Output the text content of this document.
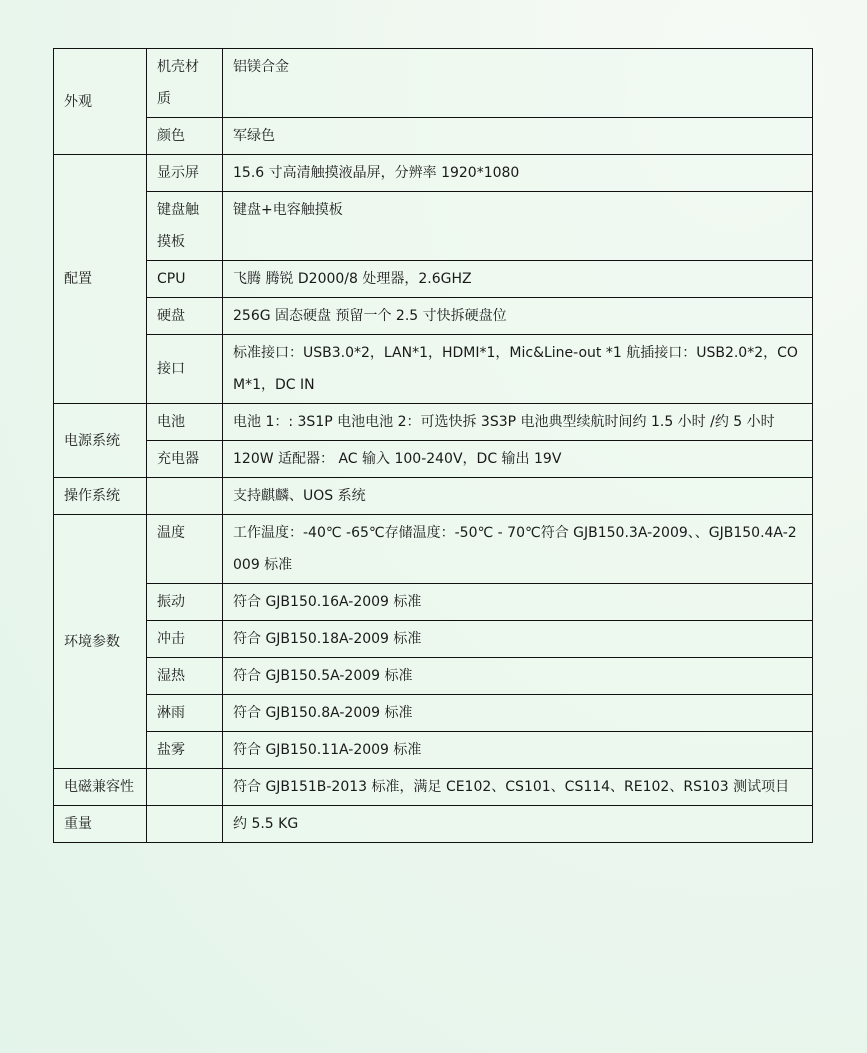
外观	机壳材质	铝镁合金
	颜色	军绿色
配置	显示屏	15.6 寸高清触摸液晶屏，分辨率 1920*1080
	键盘触摸板	键盘+电容触摸板
	CPU	飞腾 腾锐 D2000/8 处理器，2.6GHZ
	硬盘	256G 固态硬盘 预留一个 2.5 寸快拆硬盘位
	接口	标准接口：USB3.0*2，LAN*1，HDMI*1，Mic&Line-out *1 航插接口：USB2.0*2，COM*1，DC IN
电源系统	电池	电池 1：: 3S1P 电池电池 2：可选快拆 3S3P 电池典型续航时间约 1.5 小时 /约 5 小时
	充电器	120W 适配器： AC 输入 100-240V，DC 输出 19V
操作系统		支持麒麟、UOS 系统
环境参数	温度	工作温度：-40℃ -65℃存储温度：-50℃ - 70℃符合 GJB150.3A-2009、、GJB150.4A-2009 标准
	振动	符合 GJB150.16A-2009 标准
	冲击	符合 GJB150.18A-2009 标准
	湿热	符合 GJB150.5A-2009 标准
	淋雨	符合 GJB150.8A-2009 标准
	盐雾	符合 GJB150.11A-2009 标准
电磁兼容性		符合 GJB151B-2013 标准，满足 CE102、CS101、CS114、RE102、RS103 测试项目
重量		约 5.5 KG
